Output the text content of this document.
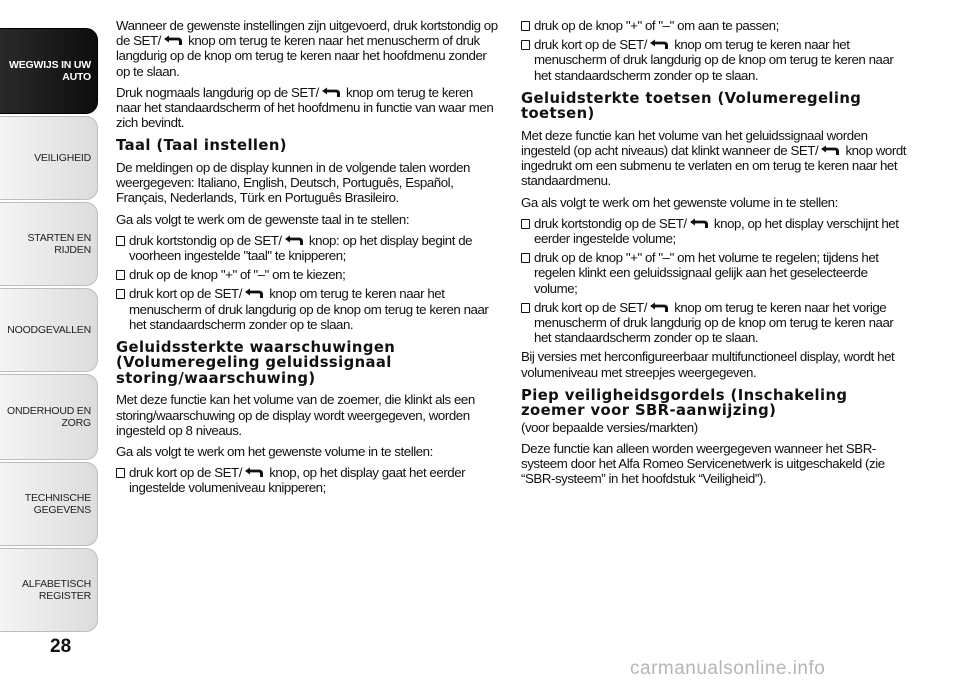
WEGWIJS IN UW
AUTO
VEILIGHEID
STARTEN EN RIJDEN
NOODGEVALLEN
ONDERHOUD EN
ZORG
TECHNISCHE
GEGEVENS
ALFABETISCH
REGISTER
28

Wanneer de gewenste instellingen zijn uitgevoerd, druk kortstondig op de SET/ knop om terug te keren naar het menuscherm of druk langdurig op de knop om terug te keren naar het hoofdmenu zonder op te slaan.

Druk nogmaals langdurig op de SET/ knop om terug te keren naar het standaardscherm of het hoofdmenu in functie van waar men zich bevindt.

Taal (Taal instellen)

De meldingen op de display kunnen in de volgende talen worden weergegeven: Italiano, English, Deutsch, Português, Español, Français, Nederlands, Türk en Português Brasileiro.

Ga als volgt te werk om de gewenste taal in te stellen:

druk kortstondig op de SET/ knop: op het display begint de voorheen ingestelde "taal" te knipperen;

druk op de knop "+" of "–" om te kiezen;

druk kort op de SET/ knop om terug te keren naar het menuscherm of druk langdurig op de knop om terug te keren naar het standaardscherm zonder op te slaan.

Geluidssterkte waarschuwingen (Volumeregeling geluidssignaal storing/waarschuwing)

Met deze functie kan het volume van de zoemer, die klinkt als een storing/waarschuwing op de display wordt weergegeven, worden ingesteld op 8 niveaus.

Ga als volgt te werk om het gewenste volume in te stellen:

druk kort op de SET/ knop, op het display gaat het eerder ingestelde volumeniveau knipperen;

druk op de knop "+" of "–" om aan te passen;

druk kort op de SET/ knop om terug te keren naar het menuscherm of druk langdurig op de knop om terug te keren naar het standaardscherm zonder op te slaan.

Geluidsterkte toetsen (Volumeregeling toetsen)

Met deze functie kan het volume van het geluidssignaal worden ingesteld (op acht niveaus) dat klinkt wanneer de SET/ knop wordt ingedrukt om een submenu te verlaten en om terug te keren naar het standaardmenu.

Ga als volgt te werk om het gewenste volume in te stellen:

druk kortstondig op de SET/ knop, op het display verschijnt het eerder ingestelde volume;

druk op de knop "+" of "–" om het volume te regelen; tijdens het regelen klinkt een geluidssignaal gelijk aan het geselecteerde volume;

druk kort op de SET/ knop om terug te keren naar het vorige menuscherm of druk langdurig op de knop om terug te keren naar het standaardscherm zonder op te slaan.

Bij versies met herconfigureerbaar multifunctioneel display, wordt het volumeniveau met streepjes weergegeven.

Piep veiligheidsgordels (Inschakeling zoemer voor SBR-aanwijzing)

(voor bepaalde versies/markten)

Deze functie kan alleen worden weergegeven wanneer het SBR-systeem door het Alfa Romeo Servicenetwerk is uitgeschakeld (zie “SBR-systeem” in het hoofdstuk “Veiligheid”).

carmanualsonline.info
